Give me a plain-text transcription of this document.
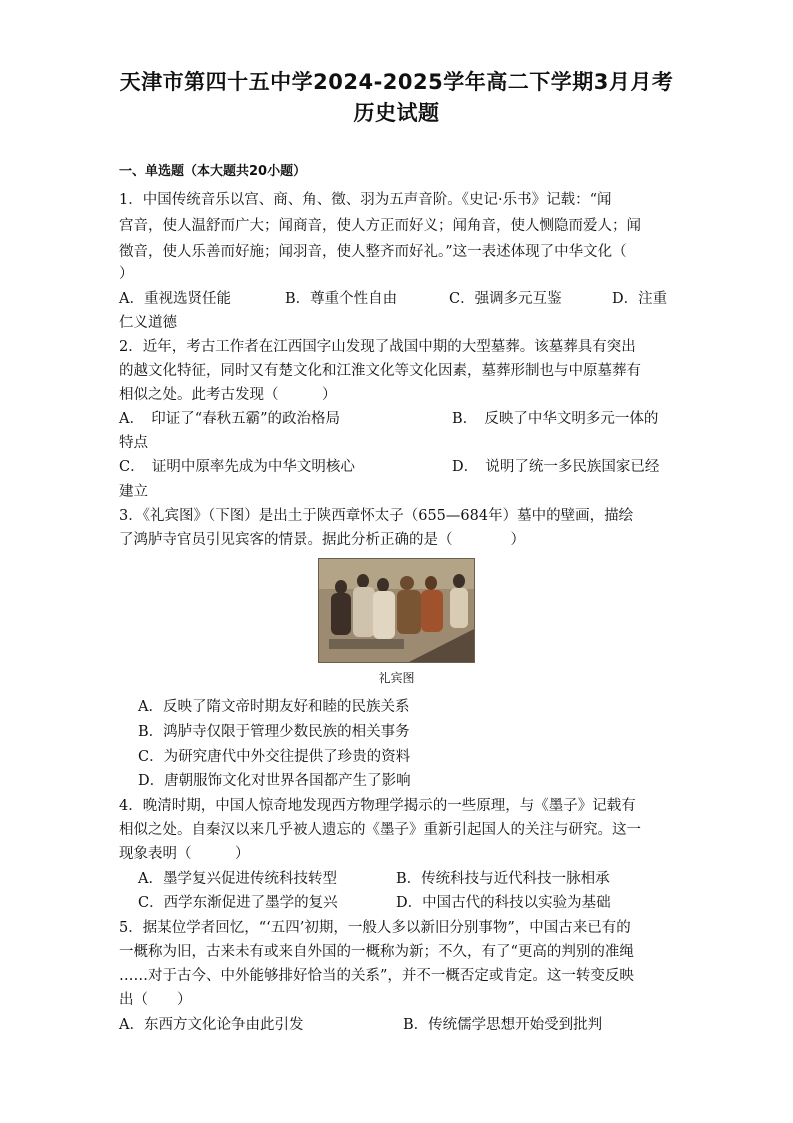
天津市第四十五中学2024-2025学年高二下学期3月月考
历史试题
一、单选题（本大题共20小题）
1．中国传统音乐以宫、商、角、徵、羽为五声音阶。《史记·乐书》记载：“闻
宫音，使人温舒而广大；闻商音，使人方正而好义；闻角音，使人恻隐而爱人；闻
徵音，使人乐善而好施；闻羽音，使人整齐而好礼。”这一表述体现了中华文化（
）
A．重视选贤任能	B．尊重个性自由	C．强调多元互鉴	D．注重
仁义道德
2．近年，考古工作者在江西国字山发现了战国中期的大型墓葬。该墓葬具有突出
的越文化特征，同时又有楚文化和江淮文化等文化因素，墓葬形制也与中原墓葬有
相似之处。此考古发现（　　　）
A．　印证了“春秋五霸”的政治格局	B．　反映了中华文明多元一体的
特点
C．　证明中原率先成为中华文明核心	D．　说明了统一多民族国家已经
建立
3．《礼宾图》（下图）是出土于陕西章怀太子（655—684年）墓中的壁画，描绘
了鸿胪寺官员引见宾客的情景。据此分析正确的是（　　　　）
礼宾图
A．反映了隋文帝时期友好和睦的民族关系
B．鸿胪寺仅限于管理少数民族的相关事务
C．为研究唐代中外交往提供了珍贵的资料
D．唐朝服饰文化对世界各国都产生了影响
4．晚清时期，中国人惊奇地发现西方物理学揭示的一些原理，与《墨子》记载有
相似之处。自秦汉以来几乎被人遗忘的《墨子》重新引起国人的关注与研究。这一
现象表明（　　　）
A．墨学复兴促进传统科技转型	B．传统科技与近代科技一脉相承
C．西学东渐促进了墨学的复兴	D．中国古代的科技以实验为基础
5．据某位学者回忆，“‘五四’初期，一般人多以新旧分别事物”，中国古来已有的
一概称为旧，古来未有或来自外国的一概称为新；不久，有了“更高的判别的准绳
……对于古今、中外能够排好恰当的关系”，并不一概否定或肯定。这一转变反映
出（　　）
A．东西方文化论争由此引发	B．传统儒学思想开始受到批判
